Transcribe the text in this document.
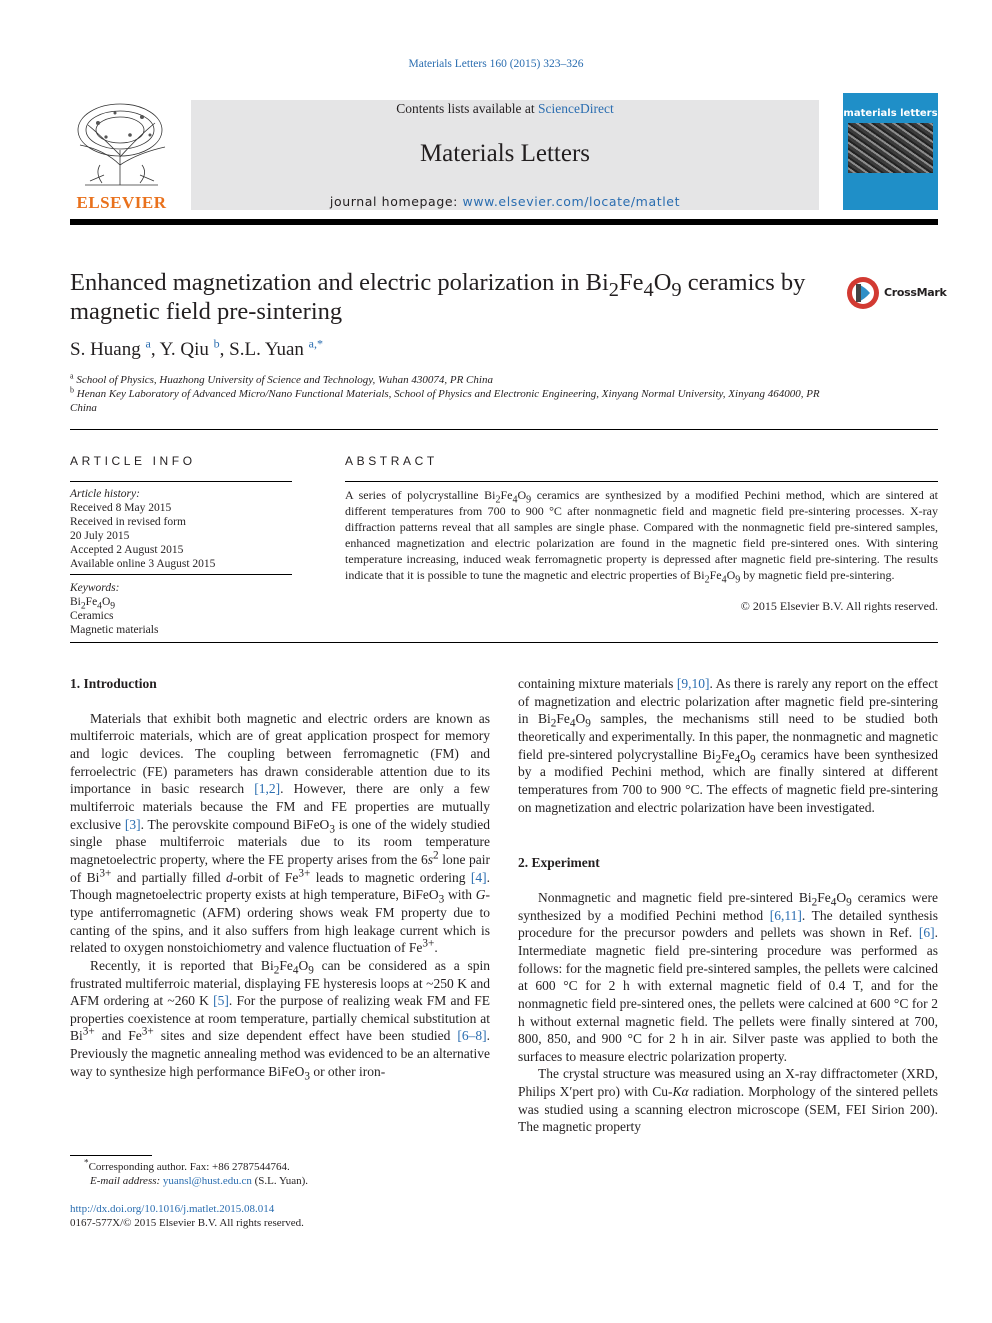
Materials Letters 160 (2015) 323–326
ELSEVIER
Contents lists available at ScienceDirect
Materials Letters
journal homepage: www.elsevier.com/locate/matlet
materials letters
Enhanced magnetization and electric polarization in $Bi_2Fe_4O_9$ ceramics by magnetic field pre-sintering
CrossMark
S. Huang $^a$, Y. Qiu $^b$, S.L. Yuan $^{a,*}$
$^a$ School of Physics, Huazhong University of Science and Technology, Wuhan 430074, PR China
$^b$ Henan Key Laboratory of Advanced Micro/Nano Functional Materials, School of Physics and Electronic Engineering, Xinyang Normal University, Xinyang 464000, PR China
ARTICLE INFO
Article history:
Received 8 May 2015
Received in revised form
20 July 2015
Accepted 2 August 2015
Available online 3 August 2015
Keywords:
$Bi_2Fe_4O_9$
Ceramics
Magnetic materials
ABSTRACT
A series of polycrystalline $Bi_2Fe_4O_9$ ceramics are synthesized by a modified Pechini method, which are sintered at different temperatures from 700 to 900 °C after nonmagnetic field and magnetic field pre-sintering processes. X-ray diffraction patterns reveal that all samples are single phase. Compared with the nonmagnetic field pre-sintered samples, enhanced magnetization and electric polarization are found in the magnetic field pre-sintered ones. With sintering temperature increasing, induced weak ferromagnetic property is depressed after magnetic field pre-sintering. The results indicate that it is possible to tune the magnetic and electric properties of $Bi_2Fe_4O_9$ by magnetic field pre-sintering.
© 2015 Elsevier B.V. All rights reserved.
1. Introduction

Materials that exhibit both magnetic and electric orders are known as multiferroic materials, which are of great application prospect for memory and logic devices. The coupling between ferromagnetic (FM) and ferroelectric (FE) parameters has drawn considerable attention due to its importance in basic research [1,2]. However, there are only a few multiferroic materials because the FM and FE properties are mutually exclusive [3]. The perovskite compound BiFeO$_3$ is one of the widely studied single phase multiferroic materials due to its room temperature magnetoelectric property, where the FE property arises from the $6s^2$ lone pair of $Bi^{3+}$ and partially filled d-orbit of $Fe^{3+}$ leads to magnetic ordering [4]. Though magnetoelectric property exists at high temperature, BiFeO$_3$ with G-type antiferromagnetic (AFM) ordering shows weak FM property due to canting of the spins, and it also suffers from high leakage current which is related to oxygen nonstoichiometry and valence fluctuation of $Fe^{3+}$.

Recently, it is reported that $Bi_2Fe_4O_9$ can be considered as a spin frustrated multiferroic material, displaying FE hysteresis loops at ~250 K and AFM ordering at ~260 K [5]. For the purpose of realizing weak FM and FE properties coexistence at room temperature, partially chemical substitution at $Bi^{3+}$ and $Fe^{3+}$ sites and size dependent effect have been studied [6–8]. Previously the magnetic annealing method was evidenced to be an alternative way to synthesize high performance BiFeO$_3$ or other iron-

*Corresponding author. Fax: +86 2787544764.
E-mail address: yuansl@hust.edu.cn (S.L. Yuan).
http://dx.doi.org/10.1016/j.matlet.2015.08.014
0167-577X/© 2015 Elsevier B.V. All rights reserved.

containing mixture materials [9,10]. As there is rarely any report on the effect of magnetization and electric polarization after magnetic field pre-sintering in $Bi_2Fe_4O_9$ samples, the mechanisms still need to be studied both theoretically and experimentally. In this paper, the nonmagnetic and magnetic field pre-sintered polycrystalline $Bi_2Fe_4O_9$ ceramics have been synthesized by a modified Pechini method, which are finally sintered at different temperatures from 700 to 900 °C. The effects of magnetic field pre-sintering on magnetization and electric polarization have been investigated.

2. Experiment

Nonmagnetic and magnetic field pre-sintered $Bi_2Fe_4O_9$ ceramics were synthesized by a modified Pechini method [6,11]. The detailed synthesis procedure for the precursor powders and pellets was shown in Ref. [6]. Intermediate magnetic field pre-sintering procedure was performed as follows: for the magnetic field pre-sintered samples, the pellets were calcined at 600 °C for 2 h with external magnetic field of 0.4 T, and for the nonmagnetic field pre-sintered ones, the pellets were calcined at 600 °C for 2 h without external magnetic field. The pellets were finally sintered at 700, 800, 850, and 900 °C for 2 h in air. Silver paste was applied to both the surfaces to measure electric polarization property.

The crystal structure was measured using an X-ray diffractometer (XRD, Philips X′pert pro) with Cu-Kα radiation. Morphology of the sintered pellets was studied using a scanning electron microscope (SEM, FEI Sirion 200). The magnetic property
